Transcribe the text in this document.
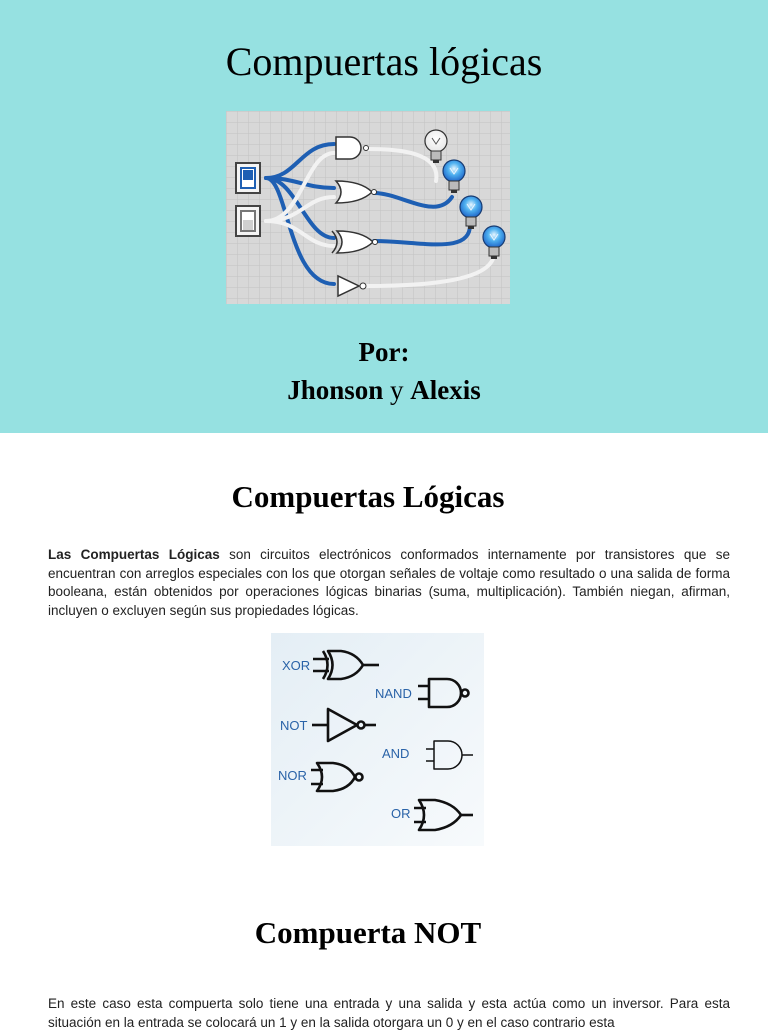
Compuertas lógicas
Por:
Jhonson y Alexis
Compuertas Lógicas

Las Compuertas Lógicas son circuitos electrónicos conformados internamente por transistores que se encuentran con arreglos especiales con los que otorgan señales de voltaje como resultado o una salida de forma booleana, están obtenidos por operaciones lógicas binarias (suma, multiplicación). También niegan, afirman, incluyen o excluyen según sus propiedades lógicas.

XOR
NAND
NOT
AND
NOR
OR
Compuerta NOT

En este caso esta compuerta solo tiene una entrada y una salida y esta actúa como un inversor. Para esta situación en la entrada se colocará un 1 y en la salida otorgara un 0 y en el caso contrario esta
